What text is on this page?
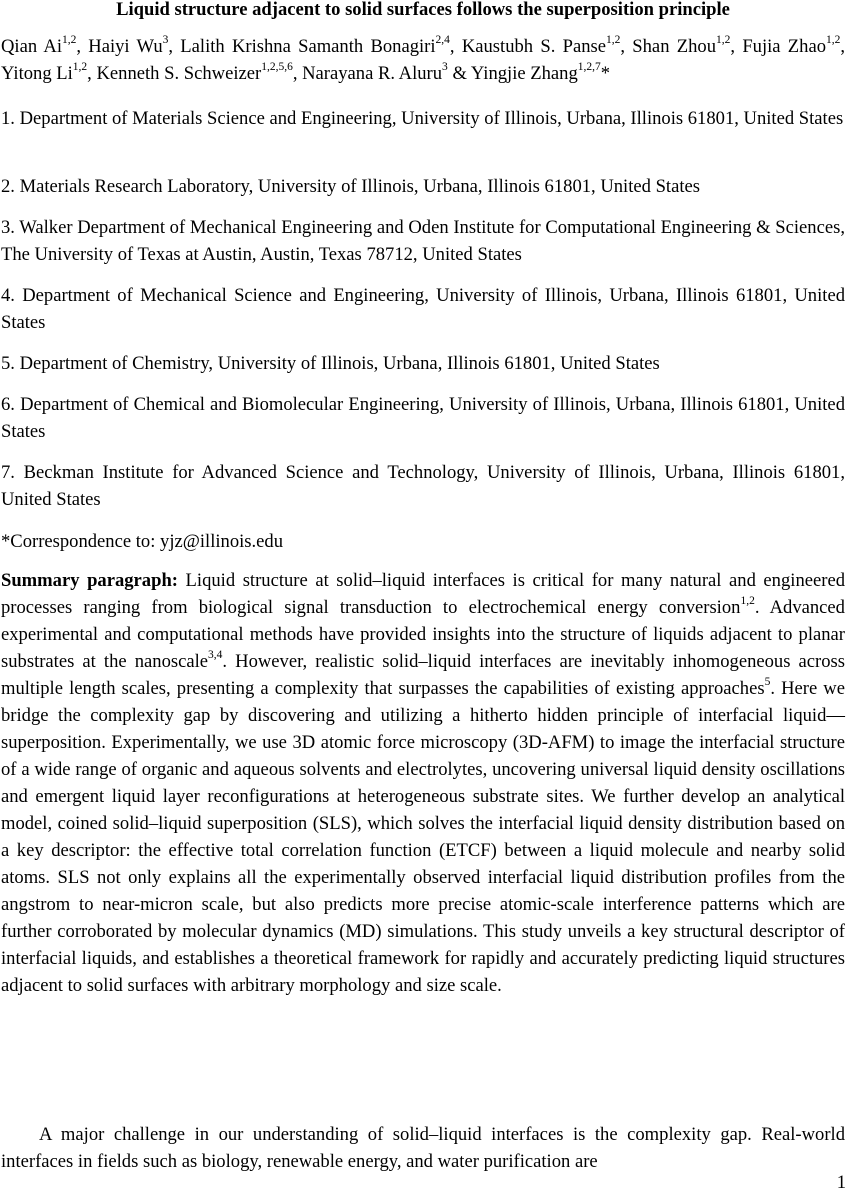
Liquid structure adjacent to solid surfaces follows the superposition principle
Qian Ai$^{1,2}$, Haiyi Wu$^3$, Lalith Krishna Samanth Bonagiri$^{2,4}$, Kaustubh S. Panse$^{1,2}$, Shan Zhou$^{1,2}$, Fujia Zhao$^{1,2}$, Yitong Li$^{1,2}$, Kenneth S. Schweizer$^{1,2,5,6}$, Narayana R. Aluru$^3$ & Yingjie Zhang$^{1,2,7}$*

1. Department of Materials Science and Engineering, University of Illinois, Urbana, Illinois 61801, United States

2. Materials Research Laboratory, University of Illinois, Urbana, Illinois 61801, United States

3. Walker Department of Mechanical Engineering and Oden Institute for Computational Engineering & Sciences, The University of Texas at Austin, Austin, Texas 78712, United States

4. Department of Mechanical Science and Engineering, University of Illinois, Urbana, Illinois 61801, United States

5. Department of Chemistry, University of Illinois, Urbana, Illinois 61801, United States

6. Department of Chemical and Biomolecular Engineering, University of Illinois, Urbana, Illinois 61801, United States

7. Beckman Institute for Advanced Science and Technology, University of Illinois, Urbana, Illinois 61801, United States

*Correspondence to: yjz@illinois.edu
Summary paragraph: Liquid structure at solid–liquid interfaces is critical for many natural and engineered processes ranging from biological signal transduction to electrochemical energy conversion$^{1,2}$. Advanced experimental and computational methods have provided insights into the structure of liquids adjacent to planar substrates at the nanoscale$^{3,4}$. However, realistic solid–liquid interfaces are inevitably inhomogeneous across multiple length scales, presenting a complexity that surpasses the capabilities of existing approaches$^5$. Here we bridge the complexity gap by discovering and utilizing a hitherto hidden principle of interfacial liquid—superposition. Experimentally, we use 3D atomic force microscopy (3D-AFM) to image the interfacial structure of a wide range of organic and aqueous solvents and electrolytes, uncovering universal liquid density oscillations and emergent liquid layer reconfigurations at heterogeneous substrate sites. We further develop an analytical model, coined solid–liquid superposition (SLS), which solves the interfacial liquid density distribution based on a key descriptor: the effective total correlation function (ETCF) between a liquid molecule and nearby solid atoms. SLS not only explains all the experimentally observed interfacial liquid distribution profiles from the angstrom to near-micron scale, but also predicts more precise atomic-scale interference patterns which are further corroborated by molecular dynamics (MD) simulations. This study unveils a key structural descriptor of interfacial liquids, and establishes a theoretical framework for rapidly and accurately predicting liquid structures adjacent to solid surfaces with arbitrary morphology and size scale.
A major challenge in our understanding of solid–liquid interfaces is the complexity gap. Real-world interfaces in fields such as biology, renewable energy, and water purification are
1
